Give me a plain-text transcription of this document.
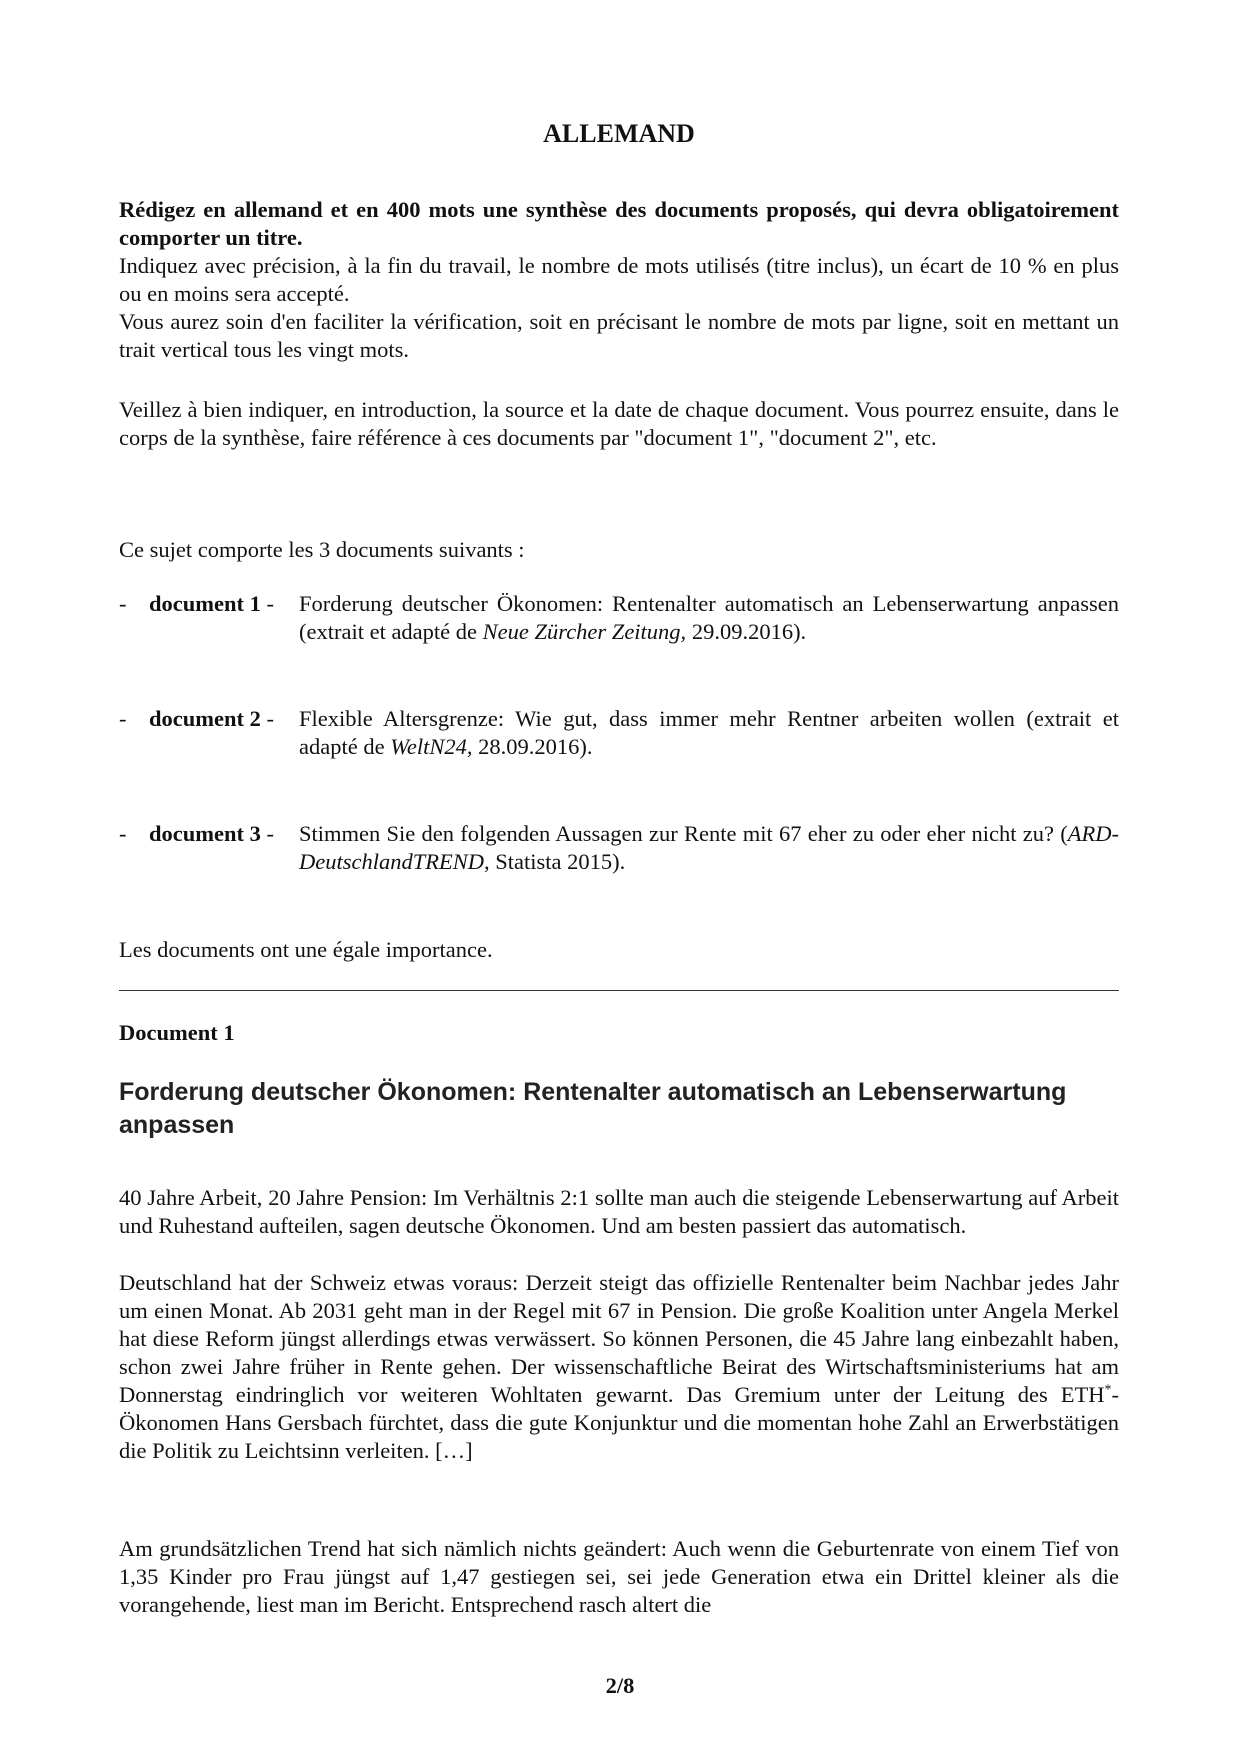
ALLEMAND

Rédigez en allemand et en 400 mots une synthèse des documents proposés, qui devra obligatoirement comporter un titre.

Indiquez avec précision, à la fin du travail, le nombre de mots utilisés (titre inclus), un écart de 10 % en plus ou en moins sera accepté.

Vous aurez soin d'en faciliter la vérification, soit en précisant le nombre de mots par ligne, soit en mettant un trait vertical tous les vingt mots.

Veillez à bien indiquer, en introduction, la source et la date de chaque document. Vous pourrez ensuite, dans le corps de la synthèse, faire référence à ces documents par "document 1", "document 2", etc.

Ce sujet comporte les 3 documents suivants :

-	document 1 -	Forderung deutscher Ökonomen: Rentenalter automatisch an Lebenserwartung anpassen (extrait et adapté de Neue Zürcher Zeitung, 29.09.2016).
-	document 2 -	Flexible Altersgrenze: Wie gut, dass immer mehr Rentner arbeiten wollen (extrait et adapté de WeltN24, 28.09.2016).
-	document 3 -	Stimmen Sie den folgenden Aussagen zur Rente mit 67 eher zu oder eher nicht zu? (ARD-DeutschlandTREND, Statista 2015).

Les documents ont une égale importance.

Document 1

Forderung deutscher Ökonomen: Rentenalter automatisch an Lebenserwartung anpassen

40 Jahre Arbeit, 20 Jahre Pension: Im Verhältnis 2:1 sollte man auch die steigende Lebenserwartung auf Arbeit und Ruhestand aufteilen, sagen deutsche Ökonomen. Und am besten passiert das automatisch.

Deutschland hat der Schweiz etwas voraus: Derzeit steigt das offizielle Rentenalter beim Nachbar jedes Jahr um einen Monat. Ab 2031 geht man in der Regel mit 67 in Pension. Die große Koalition unter Angela Merkel hat diese Reform jüngst allerdings etwas verwässert. So können Personen, die 45 Jahre lang einbezahlt haben, schon zwei Jahre früher in Rente gehen. Der wissenschaftliche Beirat des Wirtschaftsministeriums hat am Donnerstag eindringlich vor weiteren Wohltaten gewarnt. Das Gremium unter der Leitung des ETH*-Ökonomen Hans Gersbach fürchtet, dass die gute Konjunktur und die momentan hohe Zahl an Erwerbstätigen die Politik zu Leichtsinn verleiten. […]

Am grundsätzlichen Trend hat sich nämlich nichts geändert: Auch wenn die Geburtenrate von einem Tief von 1,35 Kinder pro Frau jüngst auf 1,47 gestiegen sei, sei jede Generation etwa ein Drittel kleiner als die vorangehende, liest man im Bericht. Entsprechend rasch altert die

2/8
